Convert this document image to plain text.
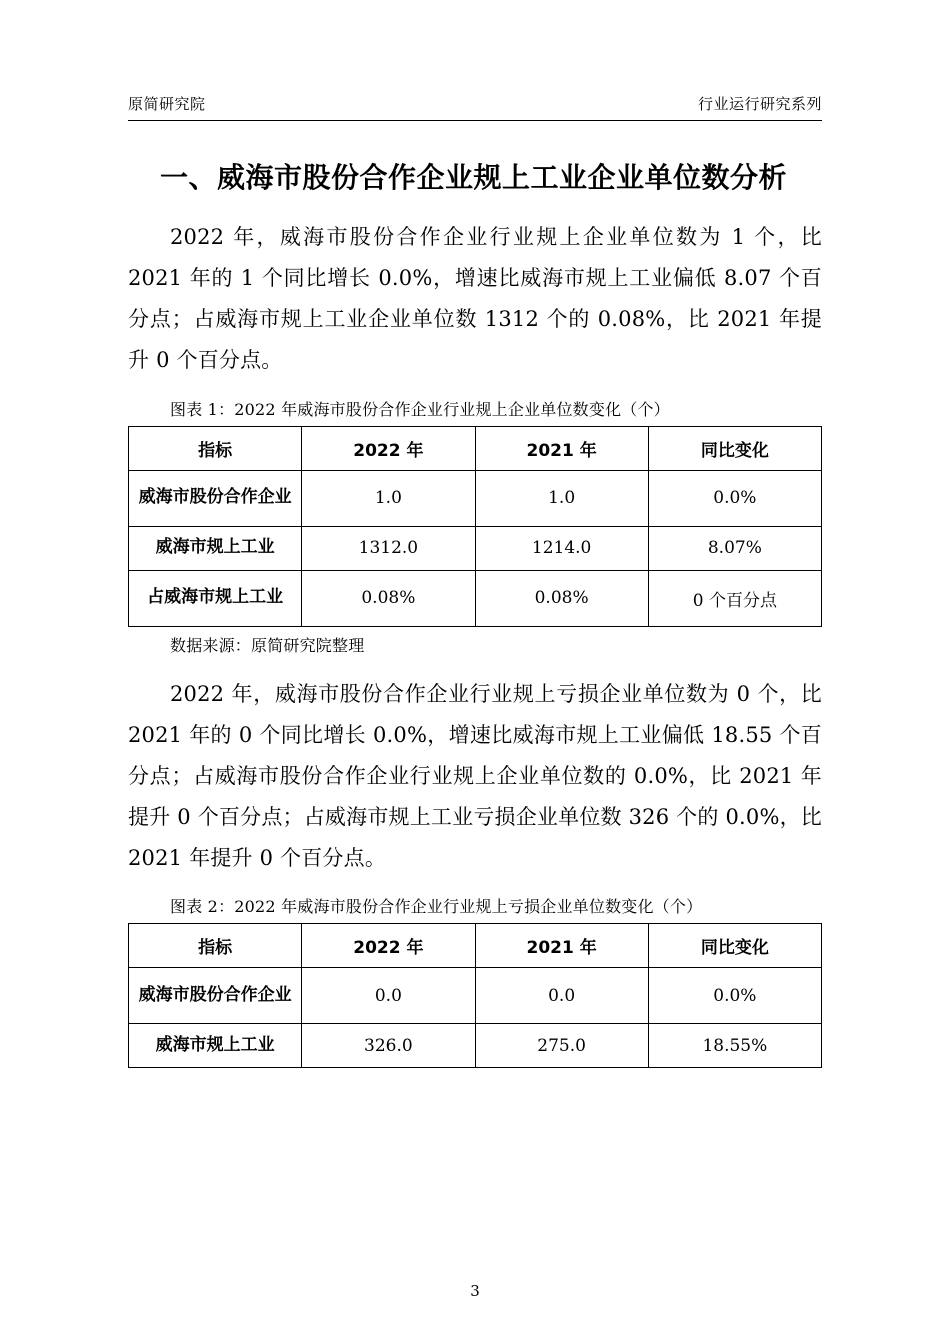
原简研究院	行业运行研究系列
一、威海市股份合作企业规上工业企业单位数分析

2022 年，威海市股份合作企业行业规上企业单位数为 1 个，比 2021 年的 1 个同比增长 0.0%，增速比威海市规上工业偏低 8.07 个百分点；占威海市规上工业企业单位数 1312 个的 0.08%，比 2021 年提升 0 个百分点。

图表 1：2022 年威海市股份合作企业行业规上企业单位数变化（个）
指标	2022 年	2021 年	同比变化
威海市股份合作企业	1.0	1.0	0.0%
威海市规上工业	1312.0	1214.0	8.07%
占威海市规上工业	0.08%	0.08%	0 个百分点
数据来源：原简研究院整理

2022 年，威海市股份合作企业行业规上亏损企业单位数为 0 个，比 2021 年的 0 个同比增长 0.0%，增速比威海市规上工业偏低 18.55 个百分点；占威海市股份合作企业行业规上企业单位数的 0.0%，比 2021 年提升 0 个百分点；占威海市规上工业亏损企业单位数 326 个的 0.0%，比 2021 年提升 0 个百分点。

图表 2：2022 年威海市股份合作企业行业规上亏损企业单位数变化（个）
指标	2022 年	2021 年	同比变化
威海市股份合作企业	0.0	0.0	0.0%
威海市规上工业	326.0	275.0	18.55%
3
